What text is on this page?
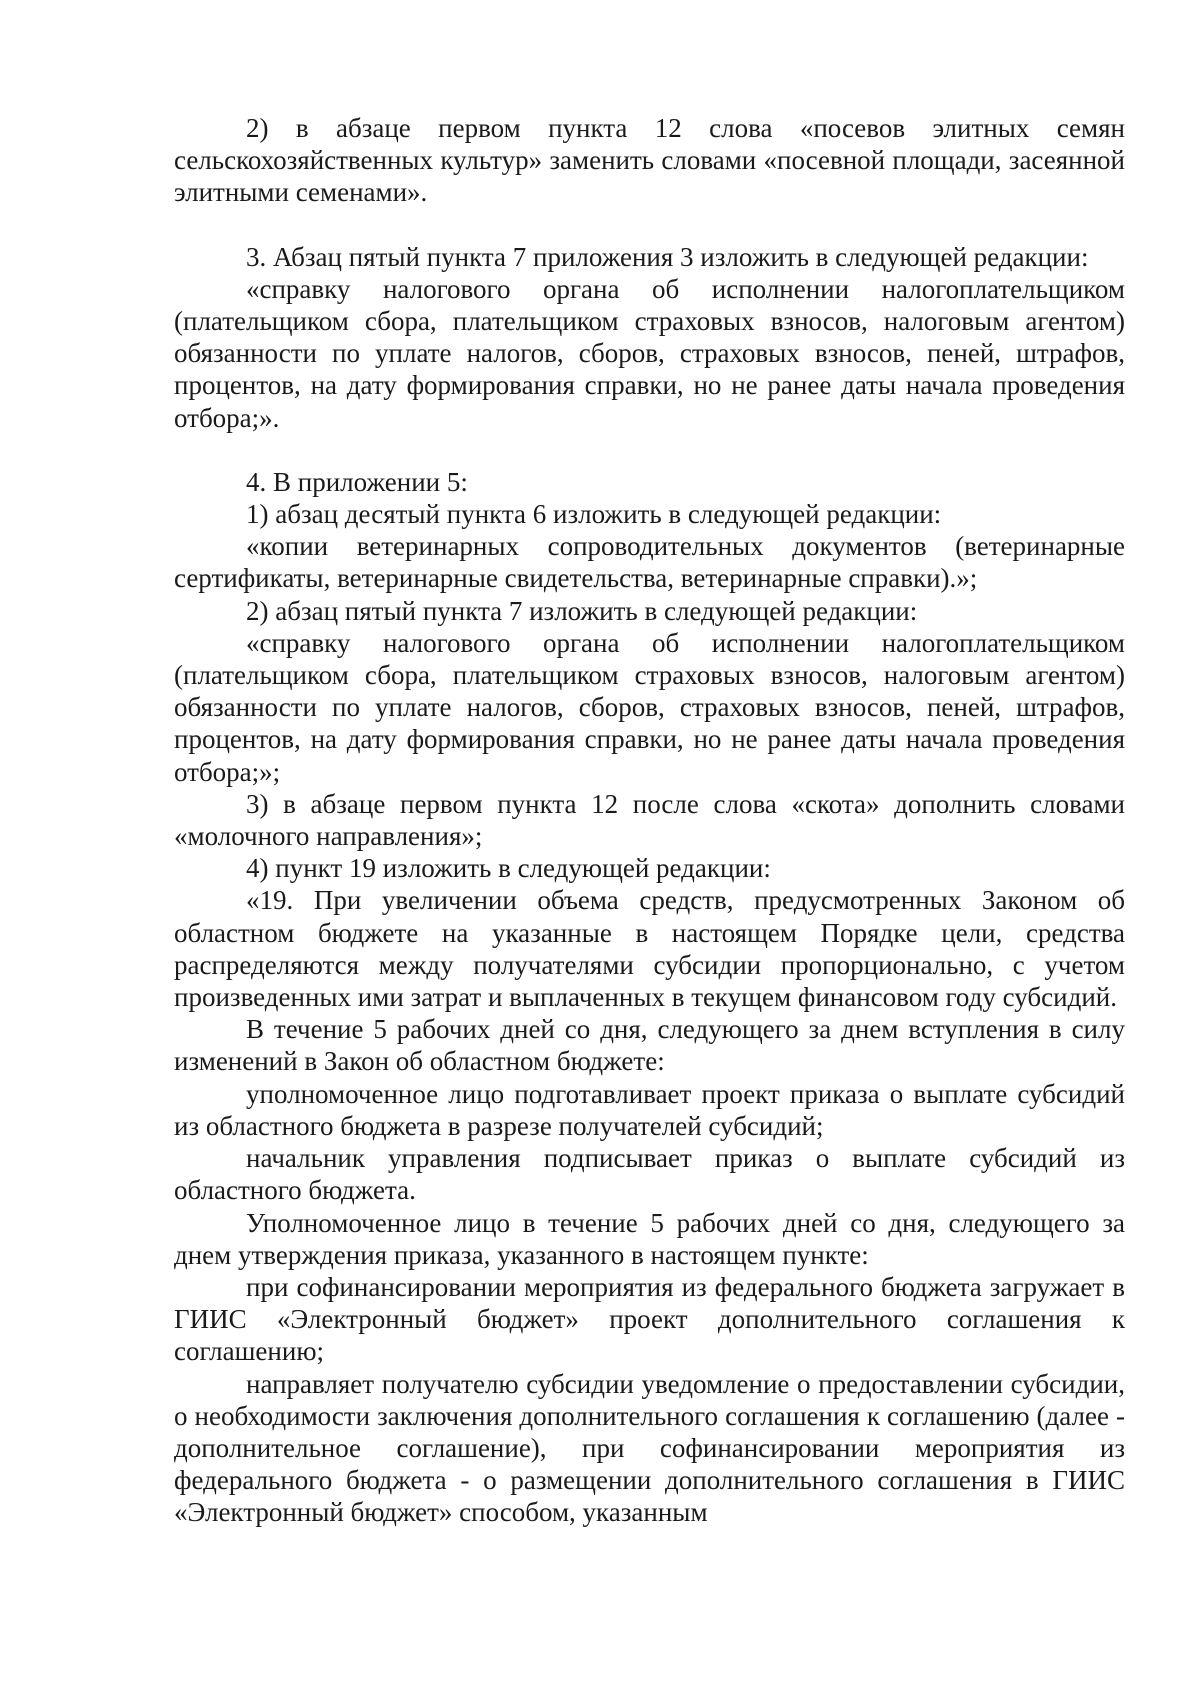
2) в абзаце первом пункта 12 слова «посевов элитных семян сельскохозяйственных культур» заменить словами «посевной площади, засеянной элитными семенами».

3. Абзац пятый пункта 7 приложения 3 изложить в следующей редакции:

«справку налогового органа об исполнении налогоплательщиком (плательщиком сбора, плательщиком страховых взносов, налоговым агентом) обязанности по уплате налогов, сборов, страховых взносов, пеней, штрафов, процентов, на дату формирования справки, но не ранее даты начала проведения отбора;».

4. В приложении 5:

1) абзац десятый пункта 6 изложить в следующей редакции:

«копии ветеринарных сопроводительных документов (ветеринарные сертификаты, ветеринарные свидетельства, ветеринарные справки).»;

2) абзац пятый пункта 7 изложить в следующей редакции:

«справку налогового органа об исполнении налогоплательщиком (плательщиком сбора, плательщиком страховых взносов, налоговым агентом) обязанности по уплате налогов, сборов, страховых взносов, пеней, штрафов, процентов, на дату формирования справки, но не ранее даты начала проведения отбора;»;

3) в абзаце первом пункта 12 после слова «скота» дополнить словами «молочного направления»;

4) пункт 19 изложить в следующей редакции:

«19. При увеличении объема средств, предусмотренных Законом об областном бюджете на указанные в настоящем Порядке цели, средства распределяются между получателями субсидии пропорционально, с учетом произведенных ими затрат и выплаченных в текущем финансовом году субсидий.

В течение 5 рабочих дней со дня, следующего за днем вступления в силу изменений в Закон об областном бюджете:

уполномоченное лицо подготавливает проект приказа о выплате субсидий из областного бюджета в разрезе получателей субсидий;

начальник управления подписывает приказ о выплате субсидий из областного бюджета.

Уполномоченное лицо в течение 5 рабочих дней со дня, следующего за днем утверждения приказа, указанного в настоящем пункте:

при софинансировании мероприятия из федерального бюджета загружает в ГИИС «Электронный бюджет» проект дополнительного соглашения к соглашению;

направляет получателю субсидии уведомление о предоставлении субсидии, о необходимости заключения дополнительного соглашения к соглашению (далее - дополнительное соглашение), при софинансировании мероприятия из федерального бюджета - о размещении дополнительного соглашения в ГИИС «Электронный бюджет» способом, указанным
